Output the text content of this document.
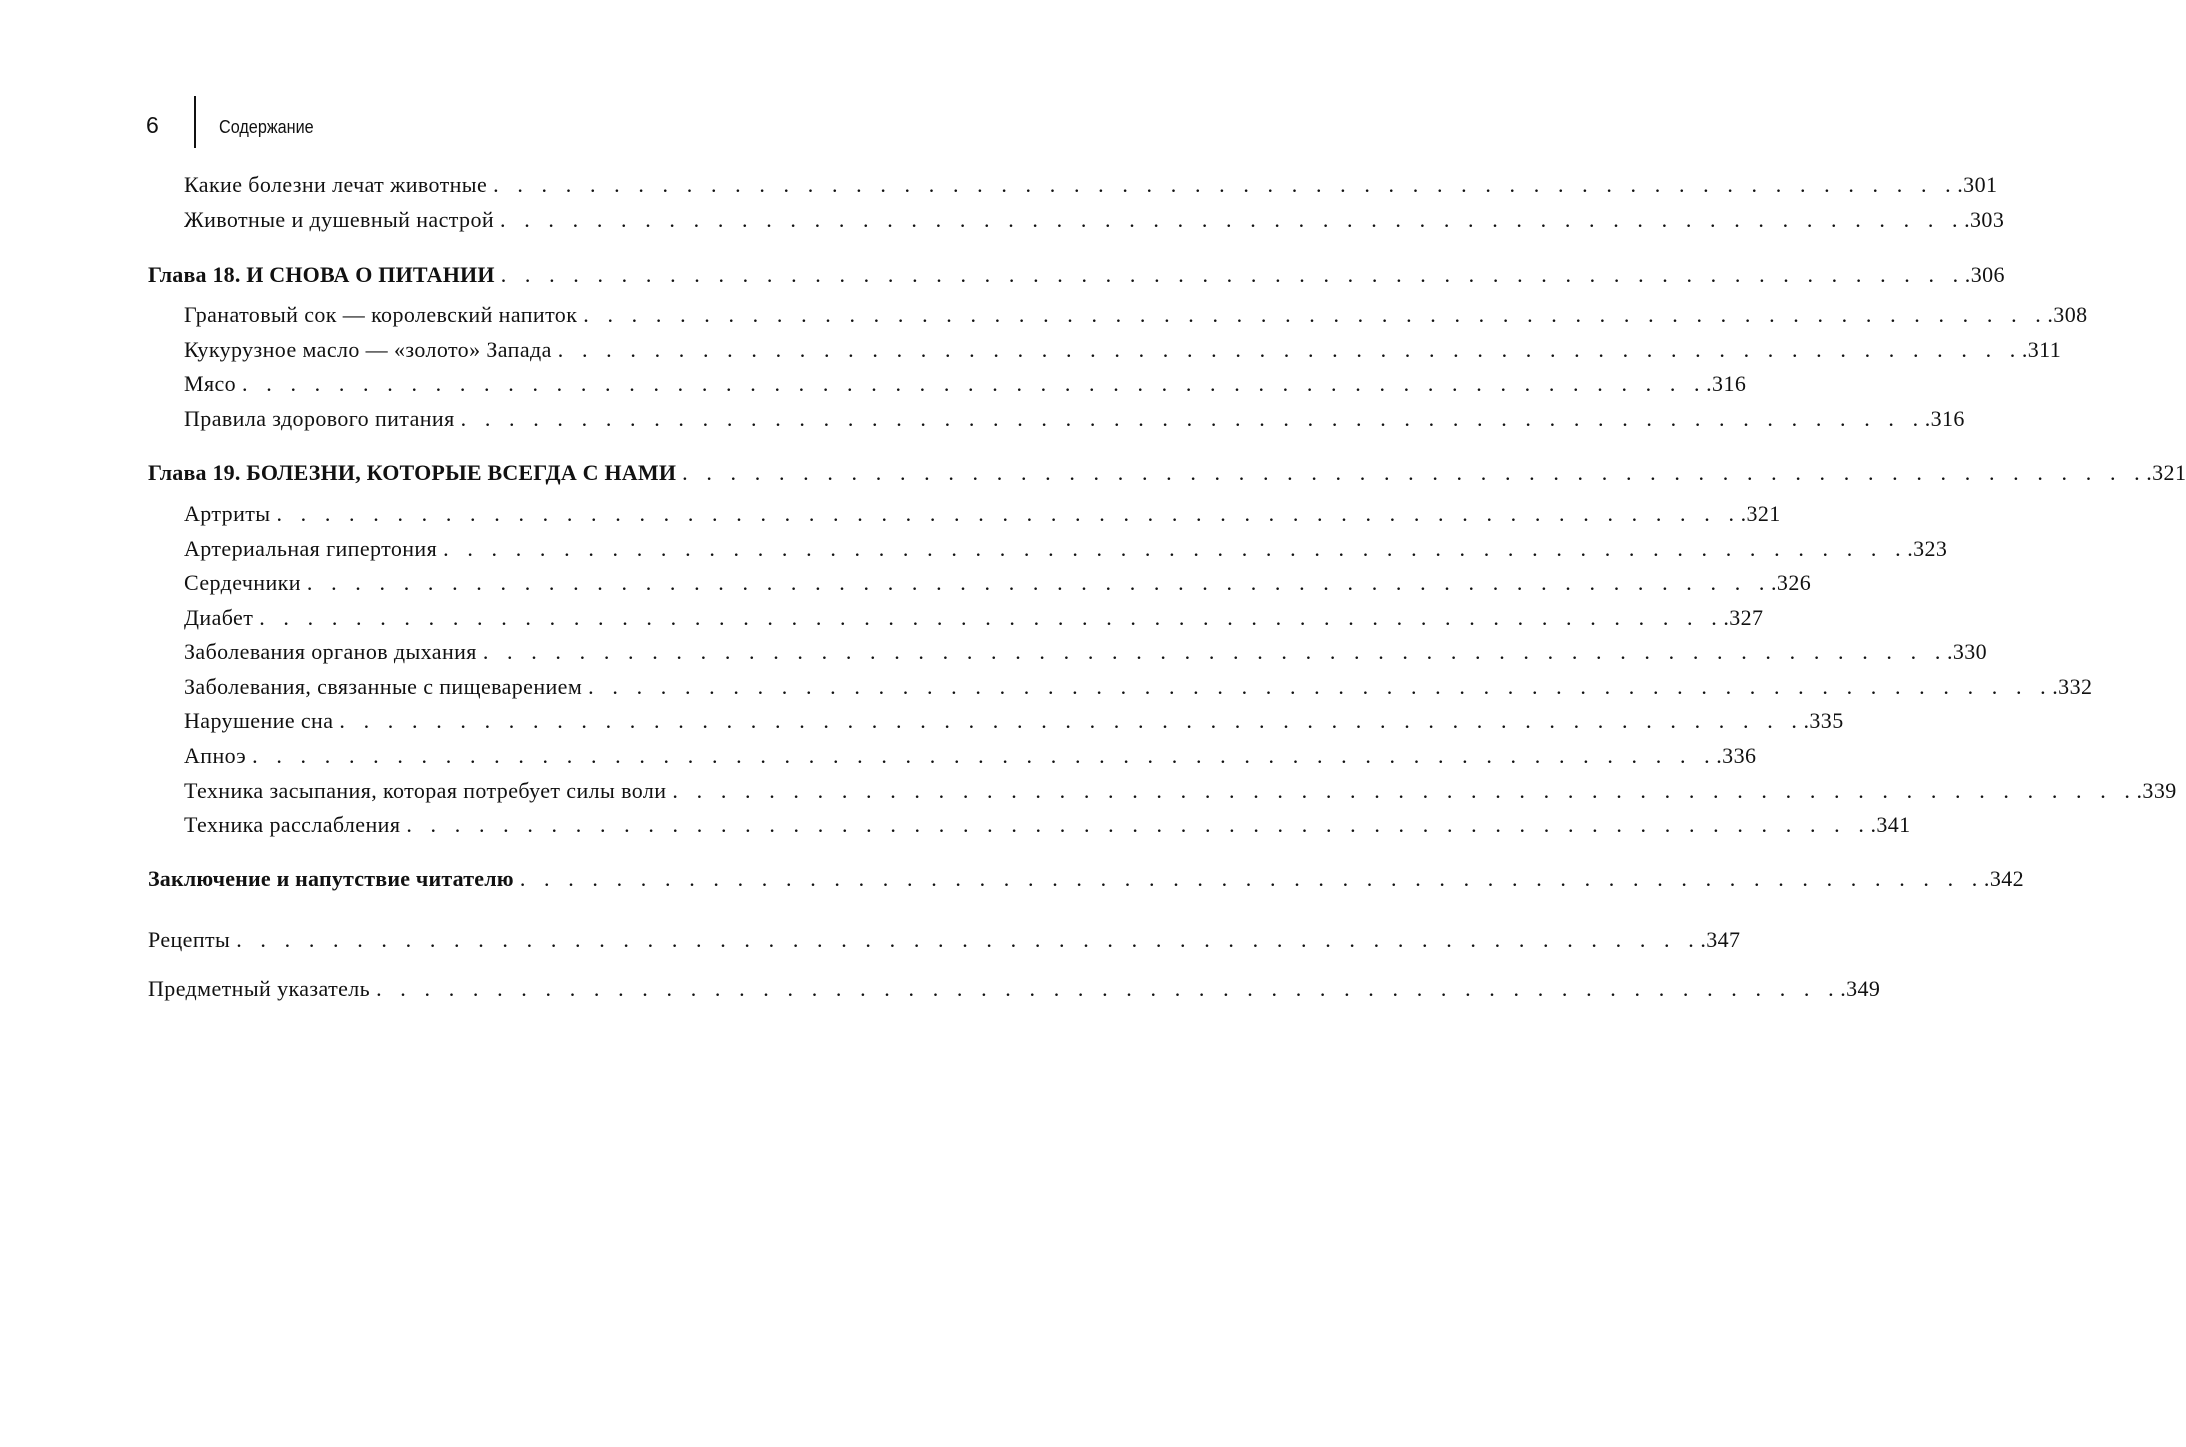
6	Содержание
Какие болезни лечат животные . . . . . . . . . . . . . . . . . . . . . . . . . . . . . . . . . . . . . . . . . . . . . . . . . . . . . . . . . . . . . .301
Животные и душевный настрой . . . . . . . . . . . . . . . . . . . . . . . . . . . . . . . . . . . . . . . . . . . . . . . . . . . . . . . . . . . . . .303
Глава 18. И СНОВА О ПИТАНИИ . . . . . . . . . . . . . . . . . . . . . . . . . . . . . . . . . . . . . . . . . . . . . . . . . . . . . . . . . . . . . .306
Гранатовый сок — королевский напиток . . . . . . . . . . . . . . . . . . . . . . . . . . . . . . . . . . . . . . . . . . . . . . . . . . . . . . . . . . . . . .308
Кукурузное масло — «золото» Запада . . . . . . . . . . . . . . . . . . . . . . . . . . . . . . . . . . . . . . . . . . . . . . . . . . . . . . . . . . . . . .311
Мясо . . . . . . . . . . . . . . . . . . . . . . . . . . . . . . . . . . . . . . . . . . . . . . . . . . . . . . . . . . . . . .316
Правила здорового питания . . . . . . . . . . . . . . . . . . . . . . . . . . . . . . . . . . . . . . . . . . . . . . . . . . . . . . . . . . . . . .316
Глава 19. БОЛЕЗНИ, КОТОРЫЕ ВСЕГДА С НАМИ . . . . . . . . . . . . . . . . . . . . . . . . . . . . . . . . . . . . . . . . . . . . . . . . . . . . . . . . . . . . . .321
Артриты . . . . . . . . . . . . . . . . . . . . . . . . . . . . . . . . . . . . . . . . . . . . . . . . . . . . . . . . . . . . . .321
Артериальная гипертония . . . . . . . . . . . . . . . . . . . . . . . . . . . . . . . . . . . . . . . . . . . . . . . . . . . . . . . . . . . . . .323
Сердечники . . . . . . . . . . . . . . . . . . . . . . . . . . . . . . . . . . . . . . . . . . . . . . . . . . . . . . . . . . . . . .326
Диабет . . . . . . . . . . . . . . . . . . . . . . . . . . . . . . . . . . . . . . . . . . . . . . . . . . . . . . . . . . . . . .327
Заболевания органов дыхания . . . . . . . . . . . . . . . . . . . . . . . . . . . . . . . . . . . . . . . . . . . . . . . . . . . . . . . . . . . . . .330
Заболевания, связанные с пищеварением . . . . . . . . . . . . . . . . . . . . . . . . . . . . . . . . . . . . . . . . . . . . . . . . . . . . . . . . . . . . . .332
Нарушение сна . . . . . . . . . . . . . . . . . . . . . . . . . . . . . . . . . . . . . . . . . . . . . . . . . . . . . . . . . . . . . .335
Апноэ . . . . . . . . . . . . . . . . . . . . . . . . . . . . . . . . . . . . . . . . . . . . . . . . . . . . . . . . . . . . . .336
Техника засыпания, которая потребует силы воли . . . . . . . . . . . . . . . . . . . . . . . . . . . . . . . . . . . . . . . . . . . . . . . . . . . . . . . . . . . . . .339
Техника расслабления . . . . . . . . . . . . . . . . . . . . . . . . . . . . . . . . . . . . . . . . . . . . . . . . . . . . . . . . . . . . . .341
Заключение и напутствие читателю . . . . . . . . . . . . . . . . . . . . . . . . . . . . . . . . . . . . . . . . . . . . . . . . . . . . . . . . . . . . . .342
Рецепты . . . . . . . . . . . . . . . . . . . . . . . . . . . . . . . . . . . . . . . . . . . . . . . . . . . . . . . . . . . . . .347
Предметный указатель . . . . . . . . . . . . . . . . . . . . . . . . . . . . . . . . . . . . . . . . . . . . . . . . . . . . . . . . . . . . . .349
